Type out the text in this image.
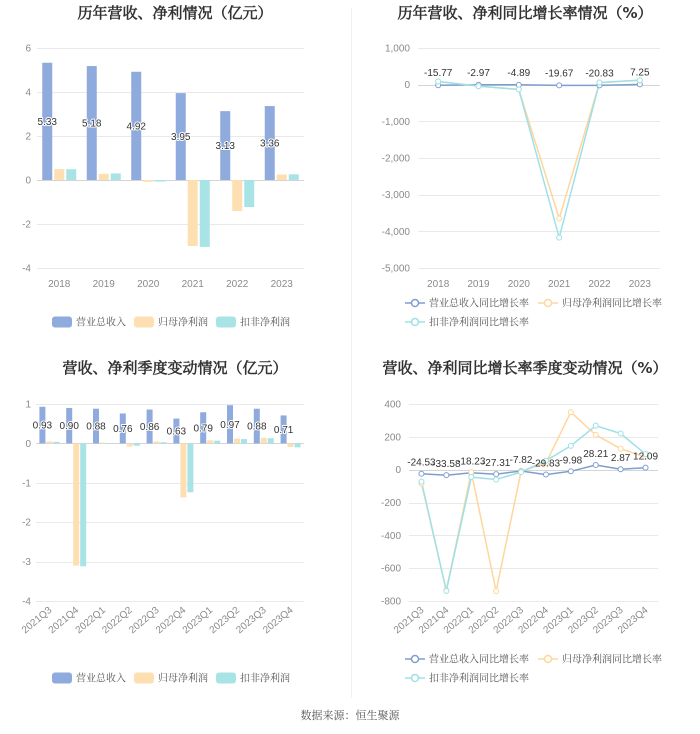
历年营收、净利情况（亿元）
6
4
2
0
-2
-4
2018 2019 2020 2021 2022 2023
5.33	5.18	4.92
3.95
3.13	3.36
营业总收入	归母净利润	扣非净利润
历年营收、净利同比增长率情况（%）
1,000
0
-1,000
-2,000
-3,000
-4,000
-5,000
2018 2019 2020 2021 2022 2023
-15.77 -2.97 -4.89 -19.67 -20.83 7.25
营业总收入同比增长率	归母净利润同比增长率
扣非净利润同比增长率
营收、净利季度变动情况（亿元）
1
0
-1
-2
-3
-4
2021Q3
2021Q4
2022Q1
2022Q2
2022Q3
2022Q4
2023Q1
2023Q2
2023Q3
2023Q4
0.93 0.90 0.88 0.76 0.86 0.63 0.79 0.97 0.88 0.71
营业总收入	归母净利润	扣非净利润
营收、净利同比增长率季度变动情况（%）
400
200
0
-200
-400
-600
-800
2021Q3
2021Q4
2022Q1
2022Q2
2022Q3
2022Q4
2023Q1
2023Q2
2023Q3
2023Q4
-24.53
-33.58
-18.23
-27.31 -7.82 -29.83 -9.98
28.21 2.87 12.09
营业总收入同比增长率	归母净利润同比增长率
扣非净利润同比增长率
数据来源：恒生聚源
